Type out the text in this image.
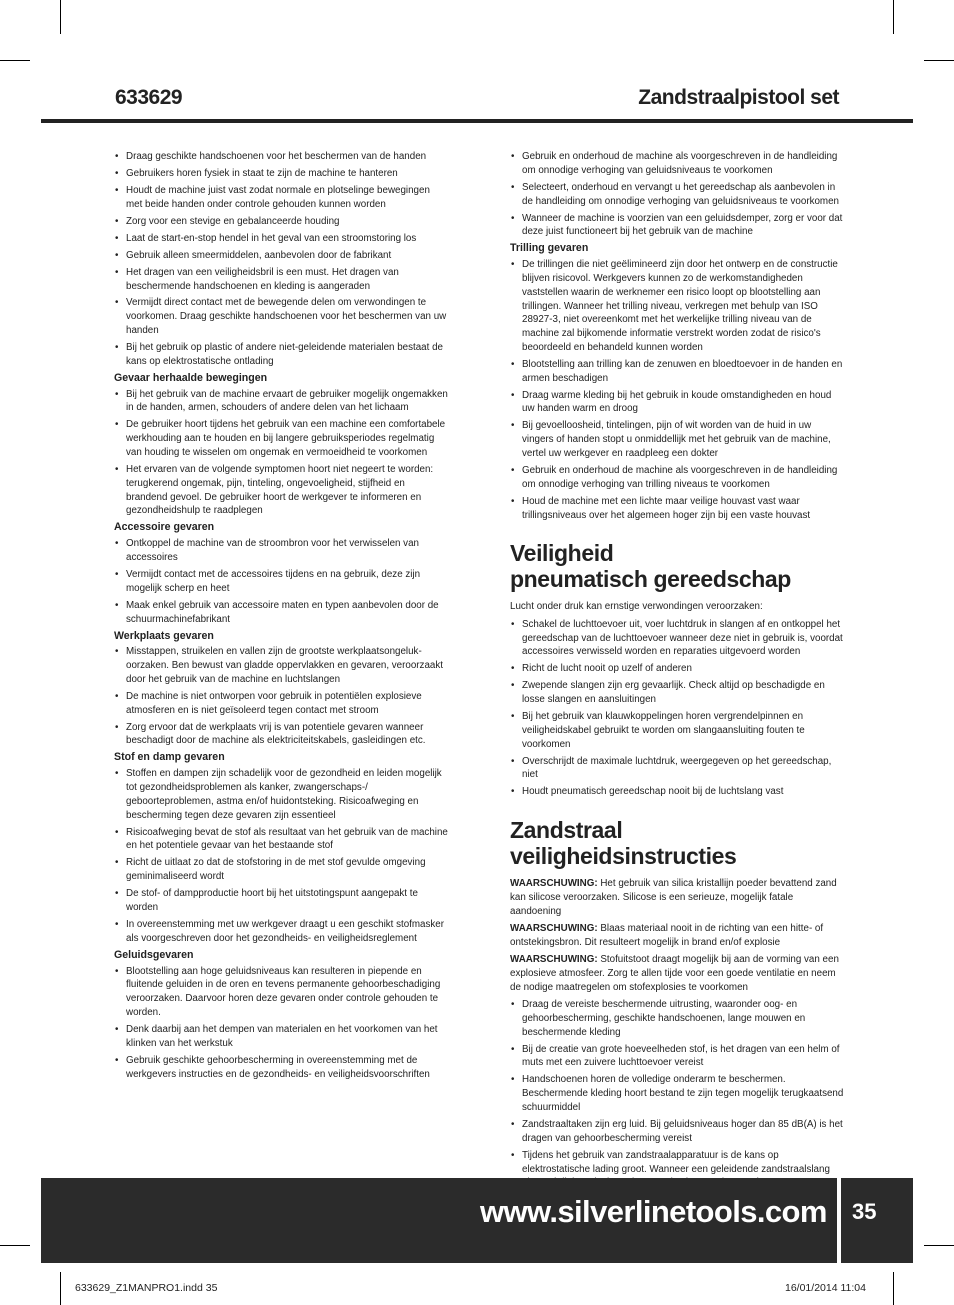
633629	Zandstraalpistool set
• Draag geschikte handschoenen voor het beschermen van de handen
• Gebruikers horen fysiek in staat te zijn de machine te hanteren
• Houdt de machine juist vast zodat normale en plotselinge bewegingen met beide handen onder controle gehouden kunnen worden
• Zorg voor een stevige en gebalanceerde houding
• Laat de start-en-stop hendel in het geval van een stroomstoring los
• Gebruik alleen smeermiddelen, aanbevolen door de fabrikant
• Het dragen van een veiligheidsbril is een must. Het dragen van beschermende handschoenen en kleding is aangeraden
• Vermijdt direct contact met de bewegende delen om verwondingen te voorkomen. Draag geschikte handschoenen voor het beschermen van uw handen
• Bij het gebruik op plastic of andere niet-geleidende materialen bestaat de kans op elektrostatische ontlading
Gevaar herhaalde bewegingen
• Bij het gebruik van de machine ervaart de gebruiker mogelijk ongemakken in de handen, armen, schouders of andere delen van het lichaam
• De gebruiker hoort tijdens het gebruik van een machine een comfortabele werkhouding aan te houden en bij langere gebruiksperiodes regelmatig van houding te wisselen om ongemak en vermoeidheid te voorkomen
• Het ervaren van de volgende symptomen hoort niet negeert te worden: terugkerend ongemak, pijn, tinteling, ongevoeligheid, stijfheid en brandend gevoel. De gebruiker hoort de werkgever te informeren en gezondheidshulp te raadplegen
Accessoire gevaren
• Ontkoppel de machine van de stroombron voor het verwisselen van accessoires
• Vermijdt contact met de accessoires tijdens en na gebruik, deze zijn mogelijk scherp en heet
• Maak enkel gebruik van accessoire maten en typen aanbevolen door de schuurmachinefabrikant
Werkplaats gevaren
• Misstappen, struikelen en vallen zijn de grootste werkplaatsongeluk-oorzaken. Ben bewust van gladde oppervlakken en gevaren, veroorzaakt door het gebruik van de machine en luchtslangen
• De machine is niet ontworpen voor gebruik in potentiëlen explosieve atmosferen en is niet geïsoleerd tegen contact met stroom
• Zorg ervoor dat de werkplaats vrij is van potentiele gevaren wanneer beschadigt door de machine als elektriciteitskabels, gasleidingen etc.
Stof en damp gevaren
• Stoffen en dampen zijn schadelijk voor de gezondheid en leiden mogelijk tot gezondheidsproblemen als kanker, zwangerschaps-/ geboorteproblemen, astma en/of huidontsteking. Risicoafweging en bescherming tegen deze gevaren zijn essentieel
• Risicoafweging bevat de stof als resultaat van het gebruik van de machine en het potentiele gevaar van het bestaande stof
• Richt de uitlaat zo dat de stofstoring in de met stof gevulde omgeving geminimaliseerd wordt
• De stof- of dampproductie hoort bij het uitstotingspunt aangepakt te worden
• In overeenstemming met uw werkgever draagt u een geschikt stofmasker als voorgeschreven door het gezondheids- en veiligheidsreglement
Geluidsgevaren
• Blootstelling aan hoge geluidsniveaus kan resulteren in piepende en fluitende geluiden in de oren en tevens permanente gehoorbeschadiging veroorzaken. Daarvoor horen deze gevaren onder controle gehouden te worden.
• Denk daarbij aan het dempen van materialen en het voorkomen van het klinken van het werkstuk
• Gebruik geschikte gehoorbescherming in overeenstemming met de werkgevers instructies en de gezondheids- en veiligheidsvoorschriften
• Gebruik en onderhoud de machine als voorgeschreven in de handleiding om onnodige verhoging van geluidsniveaus te voorkomen
• Selecteert, onderhoud en vervangt u het gereedschap als aanbevolen in de handleiding om onnodige verhoging van geluidsniveaus te voorkomen
• Wanneer de machine is voorzien van een geluidsdemper, zorg er voor dat deze juist functioneert bij het gebruik van de machine
Trilling gevaren
• De trillingen die niet geëlimineerd zijn door het ontwerp en de constructie blijven risicovol. Werkgevers kunnen zo de werkomstandigheden vaststellen waarin de werknemer een risico loopt op blootstelling aan trillingen. Wanneer het trilling niveau, verkregen met behulp van ISO 28927-3, niet overeenkomt met het werkelijke trilling niveau van de machine zal bijkomende informatie verstrekt worden zodat de risico's beoordeeld en behandeld kunnen worden
• Blootstelling aan trilling kan de zenuwen en bloedtoevoer in de handen en armen beschadigen
• Draag warme kleding bij het gebruik in koude omstandigheden en houd uw handen warm en droog
• Bij gevoelloosheid, tintelingen, pijn of wit worden van de huid in uw vingers of handen stopt u onmiddellijk met het gebruik van de machine, vertel uw werkgever en raadpleeg een dokter
• Gebruik en onderhoud de machine als voorgeschreven in de handleiding om onnodige verhoging van trilling niveaus te voorkomen
• Houd de machine met een lichte maar veilige houvast vast waar trillingsniveaus over het algemeen hoger zijn bij een vaste houvast
Veiligheid
pneumatisch gereedschap

Lucht onder druk kan ernstige verwondingen veroorzaken:

• Schakel de luchttoevoer uit, voer luchtdruk in slangen af en ontkoppel het gereedschap van de luchttoevoer wanneer deze niet in gebruik is, voordat accessoires verwisseld worden en reparaties uitgevoerd worden
• Richt de lucht nooit op uzelf of anderen
• Zwepende slangen zijn erg gevaarlijk. Check altijd op beschadigde en losse slangen en aansluitingen
• Bij het gebruik van klauwkoppelingen horen vergrendelpinnen en veiligheidskabel gebruikt te worden om slangaansluiting fouten te voorkomen
• Overschrijdt de maximale luchtdruk, weergegeven op het gereedschap, niet
• Houdt pneumatisch gereedschap nooit bij de luchtslang vast
Zandstraal veiligheidsinstructies

WAARSCHUWING: Het gebruik van silica kristallijn poeder bevattend zand kan silicose veroorzaken. Silicose is een serieuze, mogelijk fatale aandoening

WAARSCHUWING: Blaas materiaal nooit in de richting van een hitte- of ontstekingsbron. Dit resulteert mogelijk in brand en/of explosie

WAARSCHUWING: Stofuitstoot draagt mogelijk bij aan de vorming van een explosieve atmosfeer. Zorg te allen tijde voor een goede ventilatie en neem de nodige maatregelen om stofexplosies te voorkomen

• Draag de vereiste beschermende uitrusting, waaronder oog- en gehoorbescherming, geschikte handschoenen, lange mouwen en beschermende kleding
• Bij de creatie van grote hoeveelheden stof, is het dragen van een helm of muts met een zuivere luchttoevoer vereist
• Handschoenen horen de volledige onderarm te beschermen. Beschermende kleding hoort bestand te zijn tegen mogelijk terugkaatsend schuurmiddel
• Zandstraaltaken zijn erg luid. Bij geluidsniveaus hoger dan 85 dB(A) is het dragen van gehoorbescherming vereist
• Tijdens het gebruik van zandstraalapparatuur is de kans op elektrostatische lading groot. Wanneer een geleidende zandstraalslang
www.silverlinetools.com 35
633629_Z1MANPRO1.indd 35	16/01/2014 11:04
